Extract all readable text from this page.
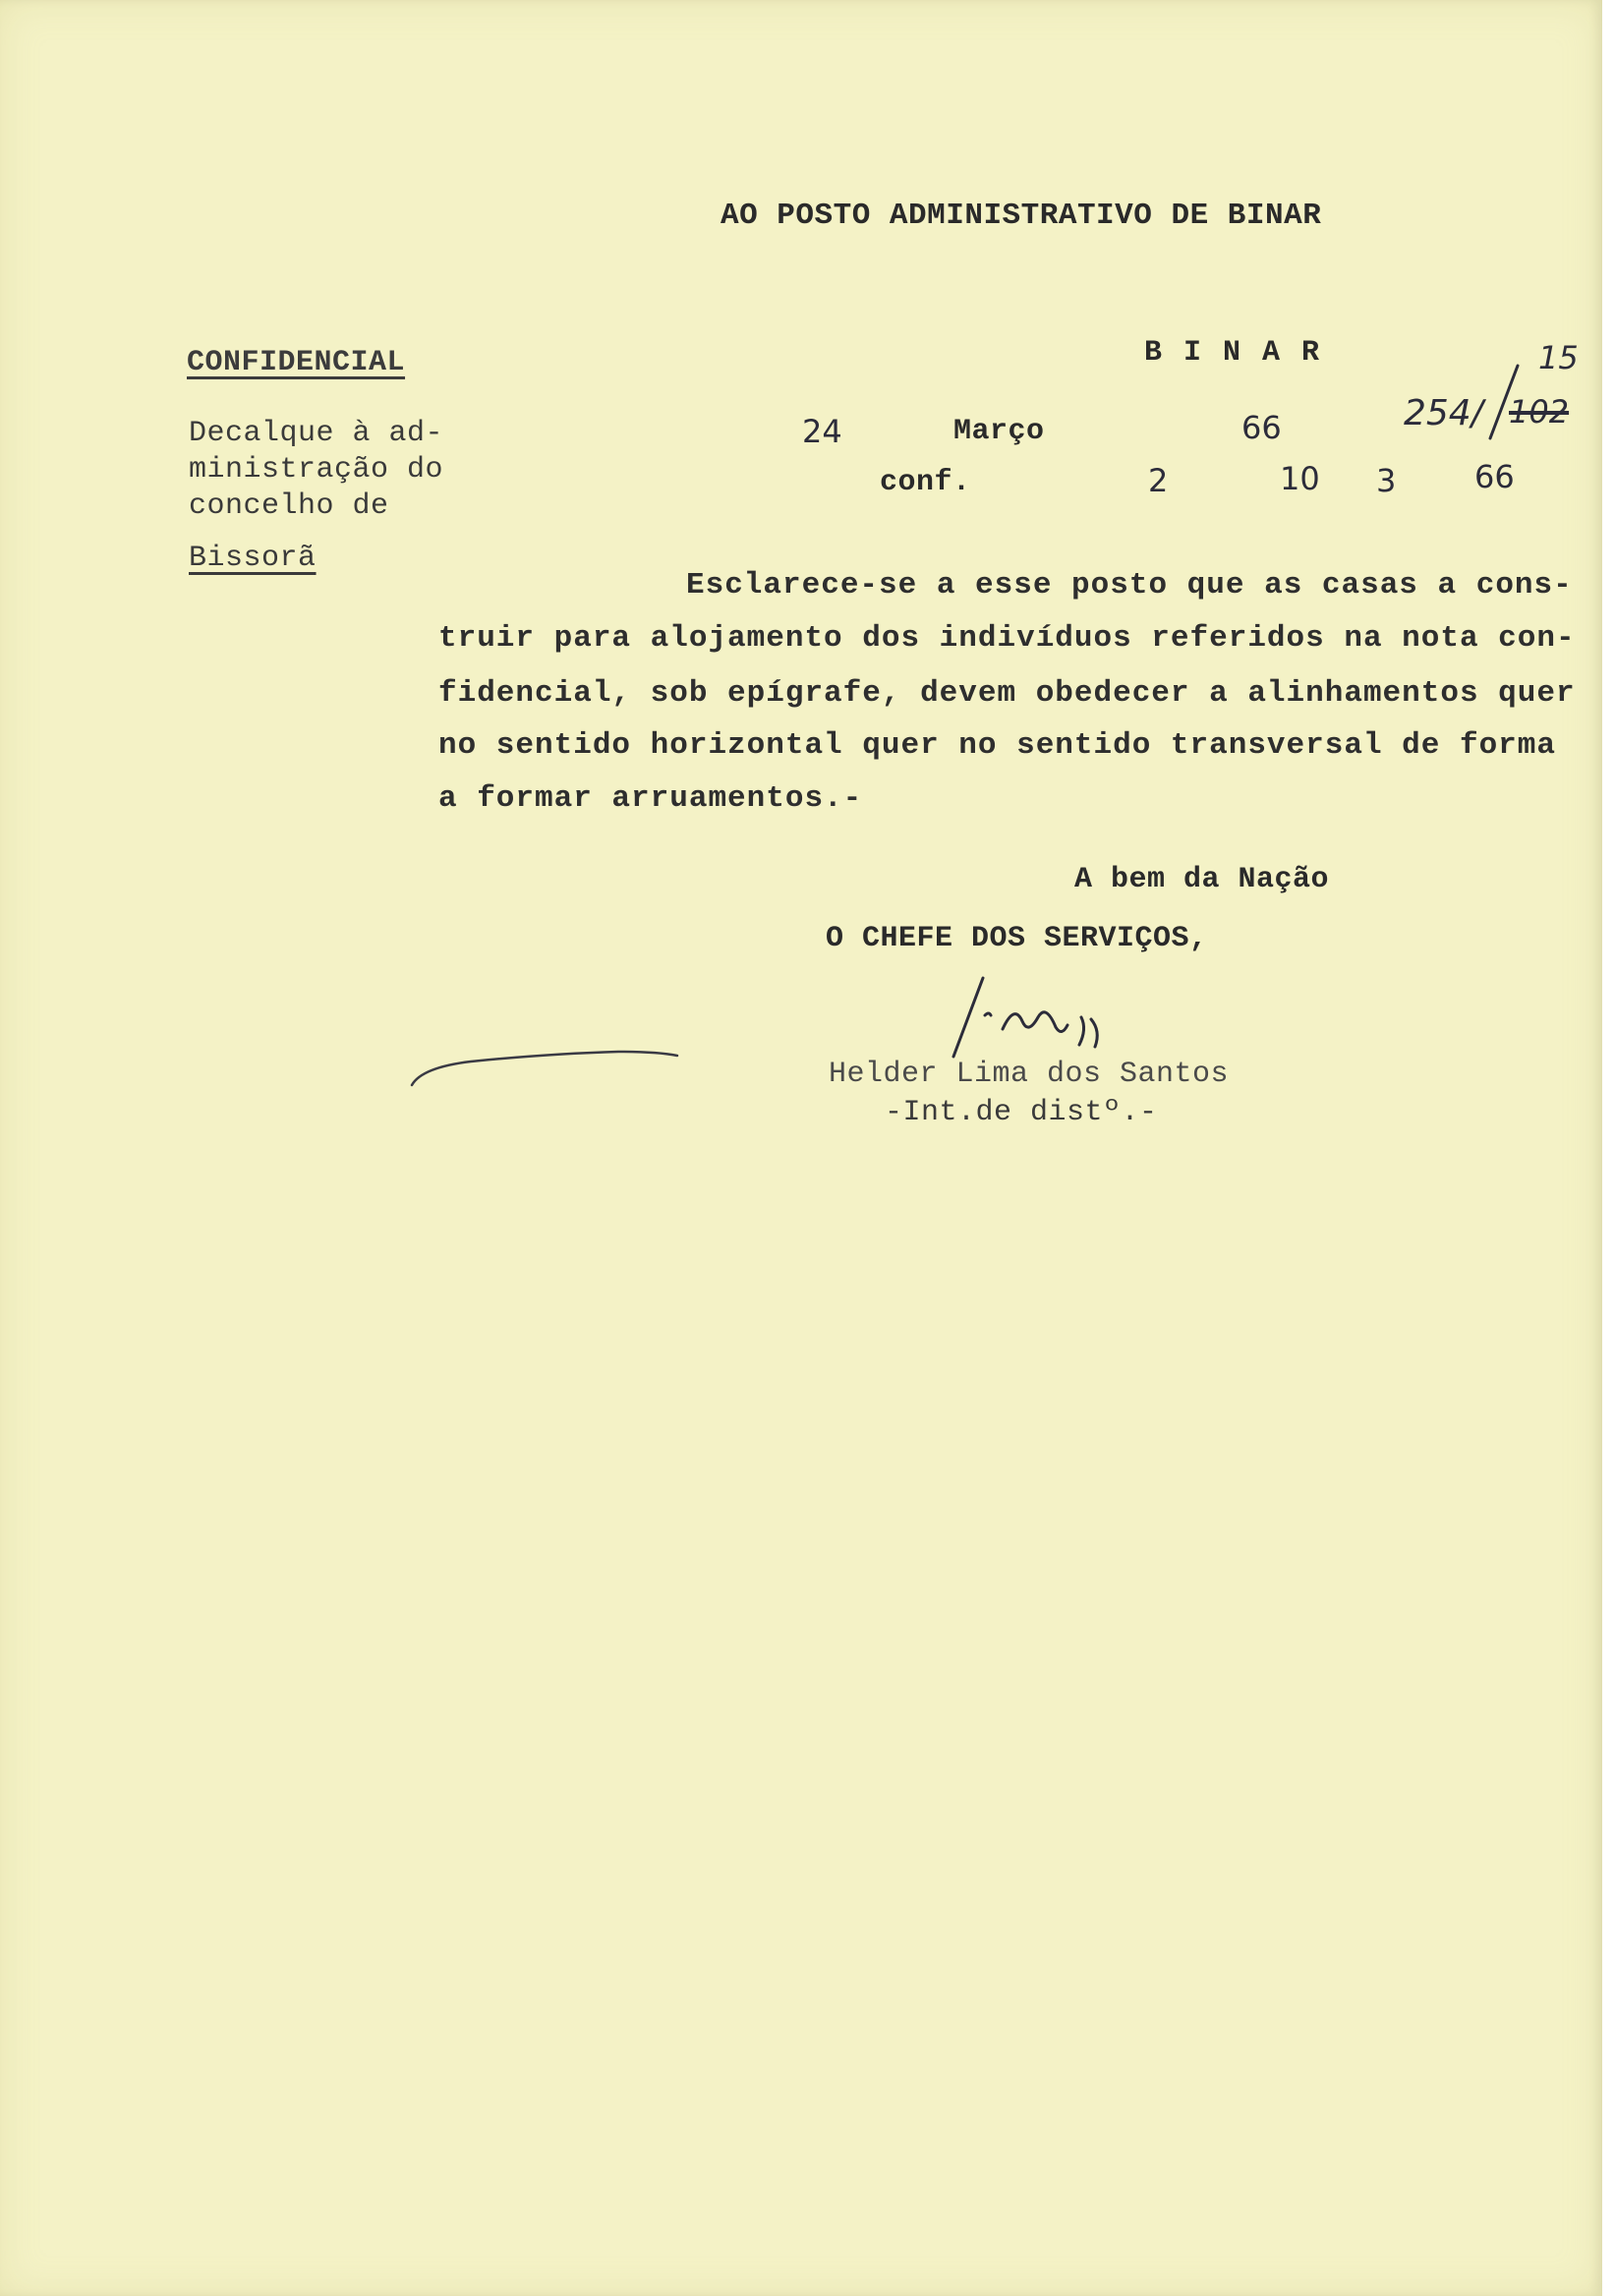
AO POSTO ADMINISTRATIVO DE BINAR
CONFIDENCIAL	B I N A R
Decalque à ad-
ministração do
concelho de
Bissorã
24	Março	66
conf.	2	10 3 66
254/
15
102
Esclarece-se a esse posto que as casas a cons-
truir para alojamento dos indivíduos referidos na nota con-
fidencial, sob epígrafe, devem obedecer a alinhamentos quer
no sentido horizontal quer no sentido transversal de forma
a formar arruamentos.-
A bem da Nação
O CHEFE DOS SERVIÇOS,
Helder Lima dos Santos
-Int.de distº.-
